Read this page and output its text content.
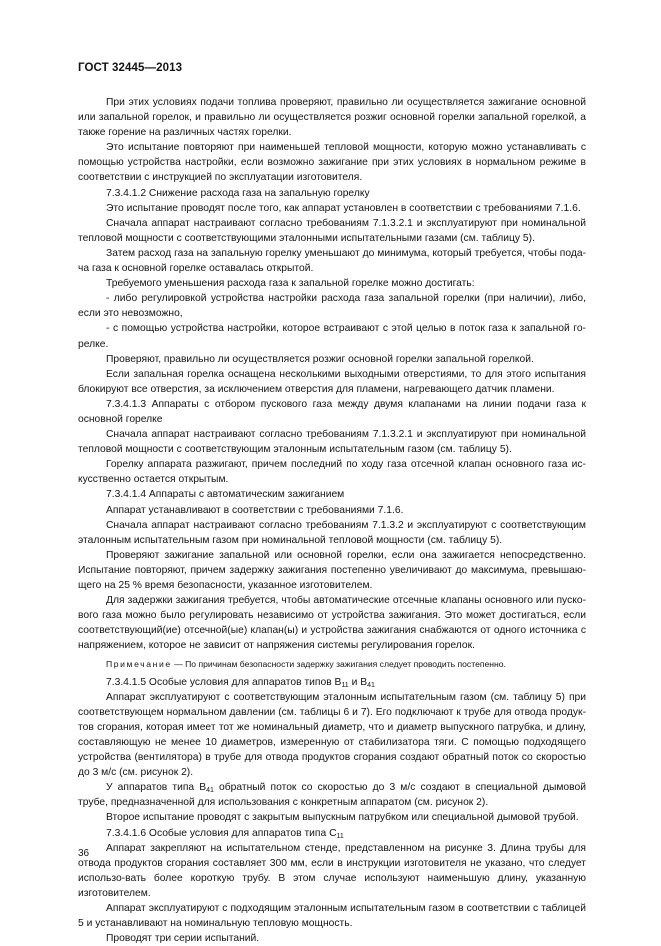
ГОСТ 32445—2013

При этих условиях подачи топлива проверяют, правильно ли осуществляется зажигание основной или запальной горелок, и правильно ли осуществляется розжиг основной горелки запальной горелкой, а также горение на различных частях горелки.

Это испытание повторяют при наименьшей тепловой мощности, которую можно устанавливать с помощью устройства настройки, если возможно зажигание при этих условиях в нормальном режиме в соответствии с инструкцией по эксплуатации изготовителя.

7.3.4.1.2 Снижение расхода газа на запальную горелку

Это испытание проводят после того, как аппарат установлен в соответствии с требованиями 7.1.6.

Сначала аппарат настраивают согласно требованиям 7.1.3.2.1 и эксплуатируют при номинальной тепловой мощности с соответствующими эталонными испытательными газами (см. таблицу 5).

Затем расход газа на запальную горелку уменьшают до минимума, который требуется, чтобы пода-ча газа к основной горелке оставалась открытой.

Требуемого уменьшения расхода газа к запальной горелке можно достигать:

- либо регулировкой устройства настройки расхода газа запальной горелки (при наличии), либо, если это невозможно,

- с помощью устройства настройки, которое встраивают с этой целью в поток газа к запальной го-релке.

Проверяют, правильно ли осуществляется розжиг основной горелки запальной горелкой.

Если запальная горелка оснащена несколькими выходными отверстиями, то для этого испытания блокируют все отверстия, за исключением отверстия для пламени, нагревающего датчик пламени.

7.3.4.1.3 Аппараты с отбором пускового газа между двумя клапанами на линии подачи газа к основной горелке

Сначала аппарат настраивают согласно требованиям 7.1.3.2.1 и эксплуатируют при номинальной тепловой мощности с соответствующим эталонным испытательным газом (см. таблицу 5).

Горелку аппарата разжигают, причем последний по ходу газа отсечной клапан основного газа ис-кусственно остается открытым.

7.3.4.1.4 Аппараты с автоматическим зажиганием

Аппарат устанавливают в соответствии с требованиями 7.1.6.

Сначала аппарат настраивают согласно требованиям 7.1.3.2 и эксплуатируют с соответствующим эталонным испытательным газом при номинальной тепловой мощности (см. таблицу 5).

Проверяют зажигание запальной или основной горелки, если она зажигается непосредственно. Испытание повторяют, причем задержку зажигания постепенно увеличивают до максимума, превышаю-щего на 25 % время безопасности, указанное изготовителем.

Для задержки зажигания требуется, чтобы автоматические отсечные клапаны основного или пуско-вого газа можно было регулировать независимо от устройства зажигания. Это может достигаться, если соответствующий(ие) отсечной(ые) клапан(ы) и устройства зажигания снабжаются от одного источника с напряжением, которое не зависит от напряжения системы регулирования горелок.

Примечание — По причинам безопасности задержку зажигания следует проводить постепенно.

7.3.4.1.5 Особые условия для аппаратов типов $В_{11}$ и $В_{41}$

Аппарат эксплуатируют с соответствующим эталонным испытательным газом (см. таблицу 5) при соответствующем нормальном давлении (см. таблицы 6 и 7). Его подключают к трубе для отвода продук-тов сгорания, которая имеет тот же номинальный диаметр, что и диаметр выпускного патрубка, и длину, составляющую не менее 10 диаметров, измеренную от стабилизатора тяги. С помощью подходящего устройства (вентилятора) в трубе для отвода продуктов сгорания создают обратный поток со скоростью до 3 м/с (см. рисунок 2).

У аппаратов типа $В_{41}$ обратный поток со скоростью до 3 м/с создают в специальной дымовой трубе, предназначенной для использования с конкретным аппаратом (см. рисунок 2).

Второе испытание проводят с закрытым выпускным патрубком или специальной дымовой трубой.

7.3.4.1.6 Особые условия для аппаратов типа $С_{11}$

Аппарат закрепляют на испытательном стенде, представленном на рисунке 3. Длина трубы для отвода продуктов сгорания составляет 300 мм, если в инструкции изготовителя не указано, что следует использо-вать более короткую трубу. В этом случае используют наименьшую длину, указанную изготовителем.

Аппарат эксплуатируют с подходящим эталонным испытательным газом в соответствии с таблицей 5 и устанавливают на номинальную тепловую мощность.

Проводят три серии испытаний.

36
